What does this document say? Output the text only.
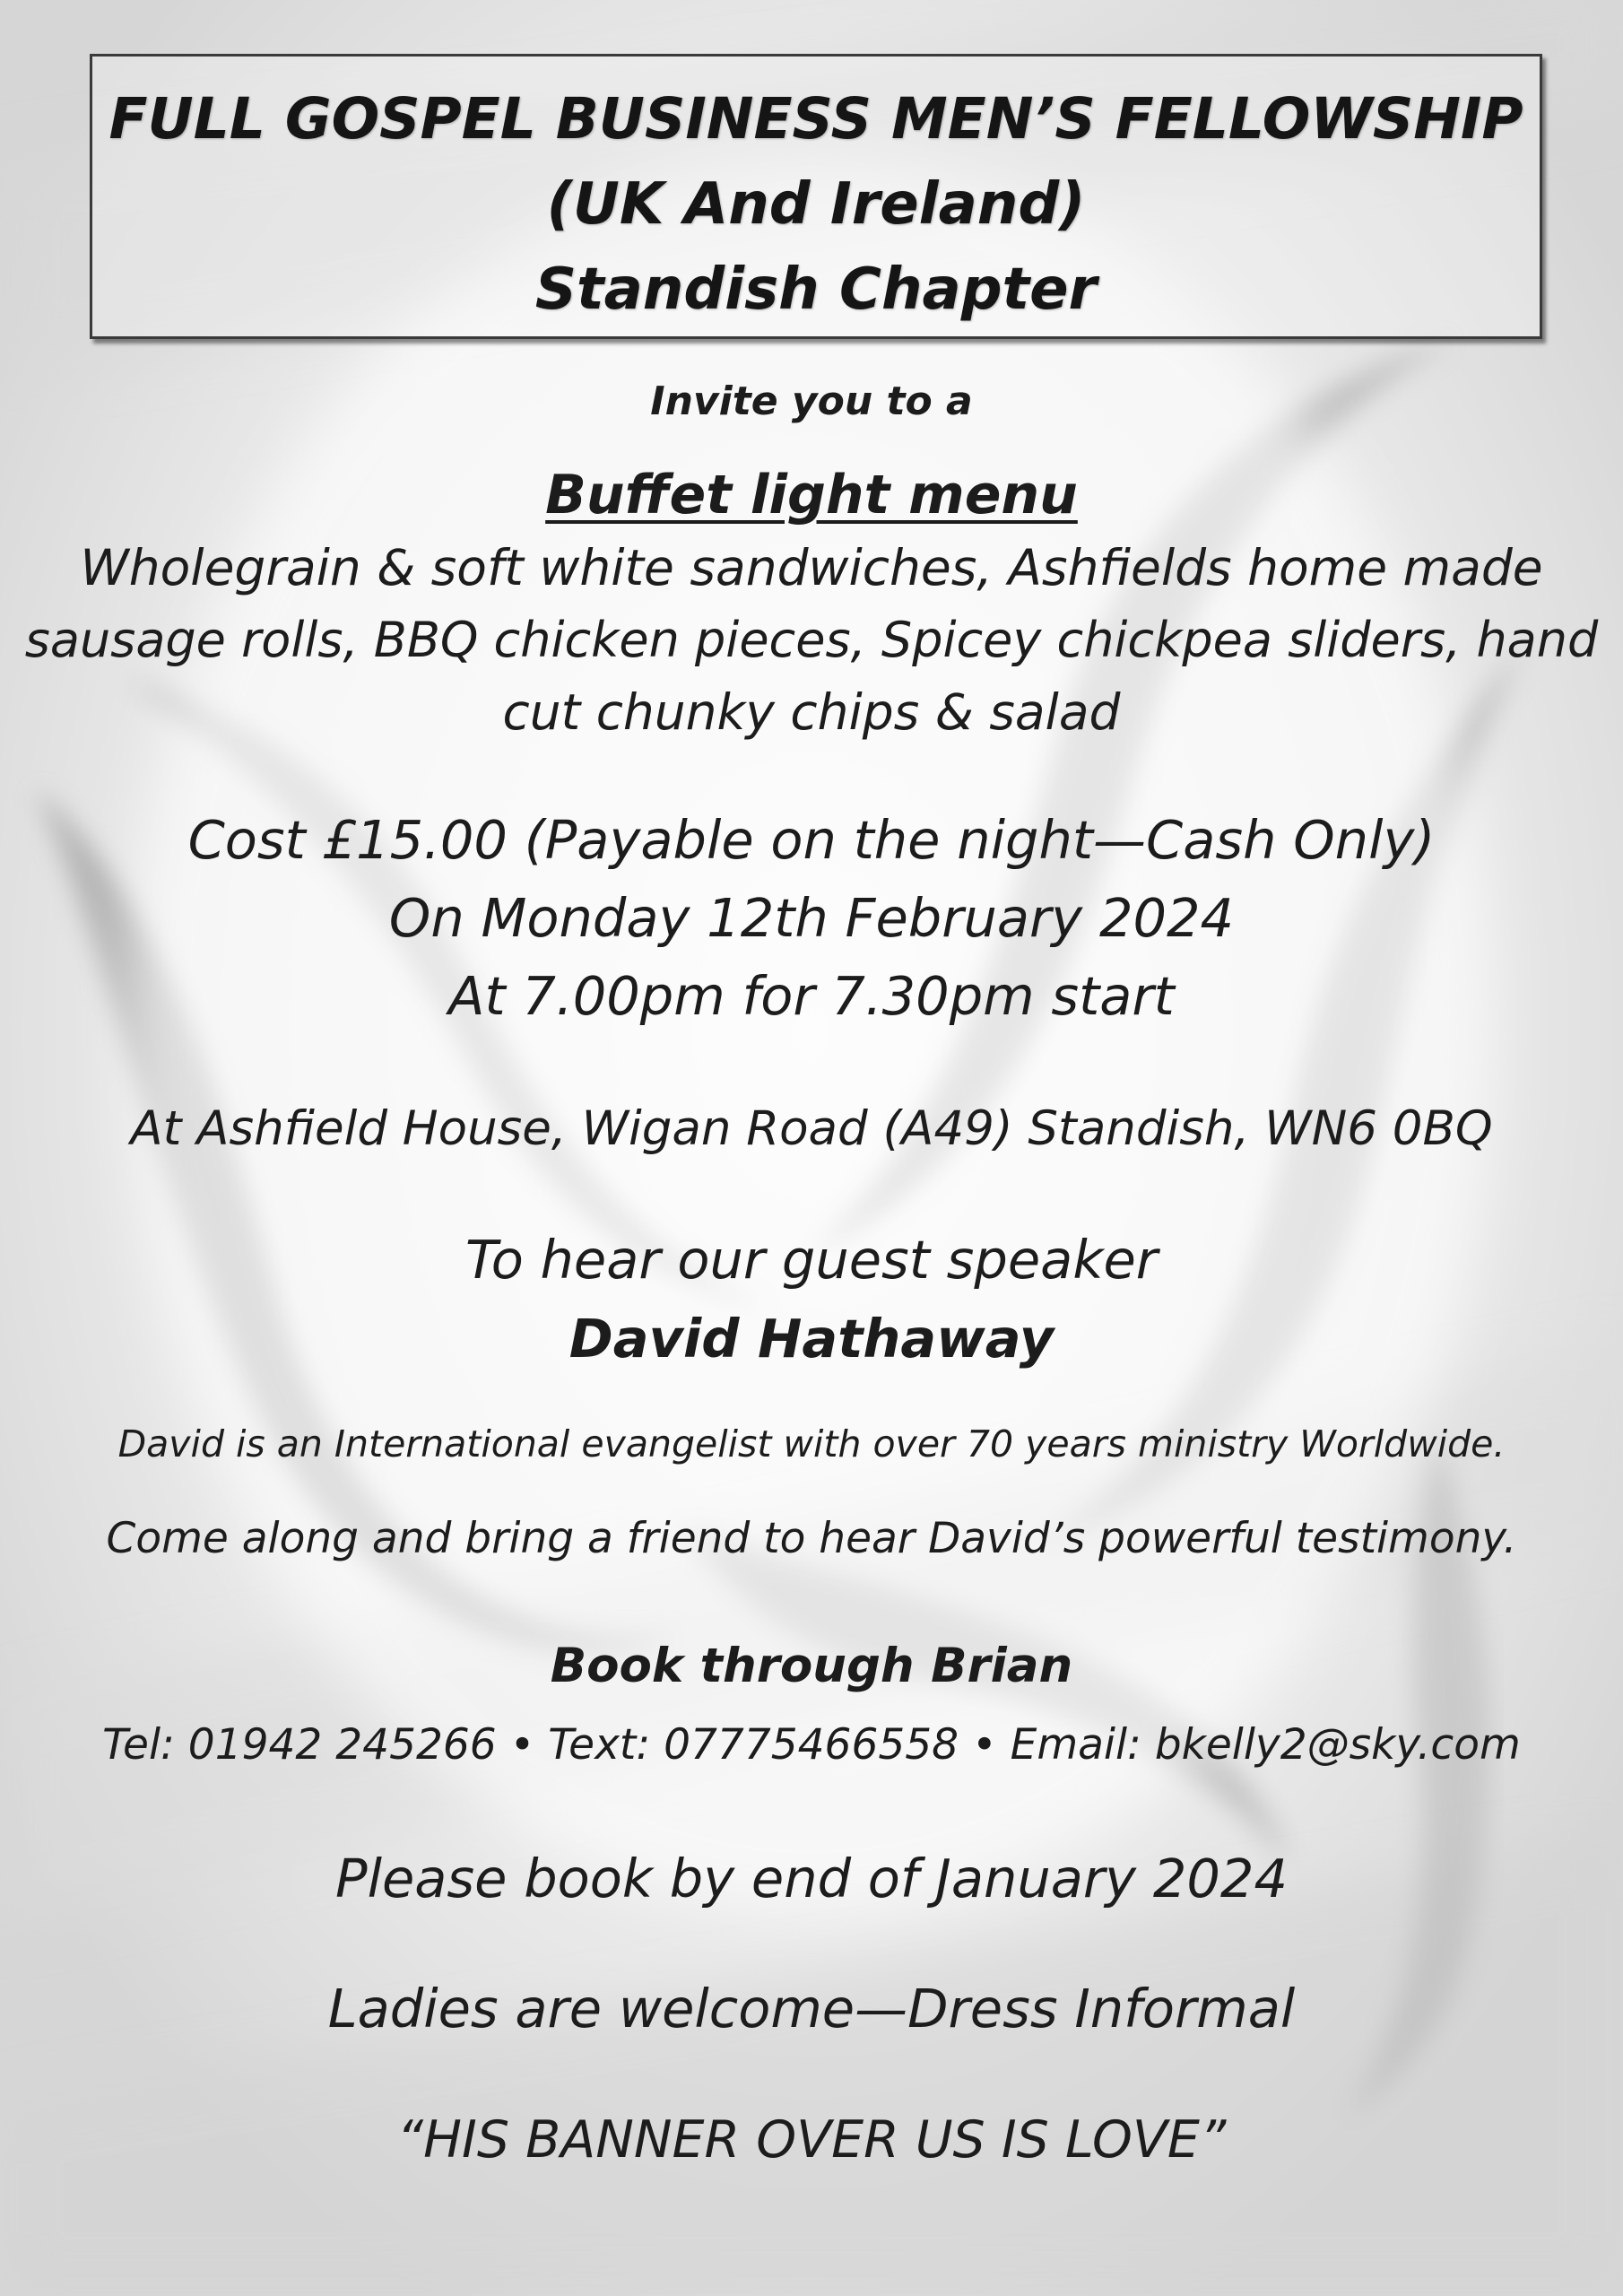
FULL GOSPEL BUSINESS MEN’S FELLOWSHIP
(UK And Ireland)
Standish Chapter
Invite you to a
Buffet light menu
Wholegrain & soft white sandwiches, Ashfields home made
sausage rolls, BBQ chicken pieces, Spicey chickpea sliders, hand
cut chunky chips & salad
Cost £15.00 (Payable on the night—Cash Only)
On Monday 12th February 2024
At 7.00pm for 7.30pm start
At Ashfield House, Wigan Road (A49) Standish, WN6 0BQ
To hear our guest speaker
David Hathaway
David is an International evangelist with over 70 years ministry Worldwide.
Come along and bring a friend to hear David’s powerful testimony.
Book through Brian
Tel: 01942 245266 • Text: 07775466558 • Email: bkelly2@sky.com
Please book by end of January 2024
Ladies are welcome—Dress Informal
“HIS BANNER OVER US IS LOVE”
